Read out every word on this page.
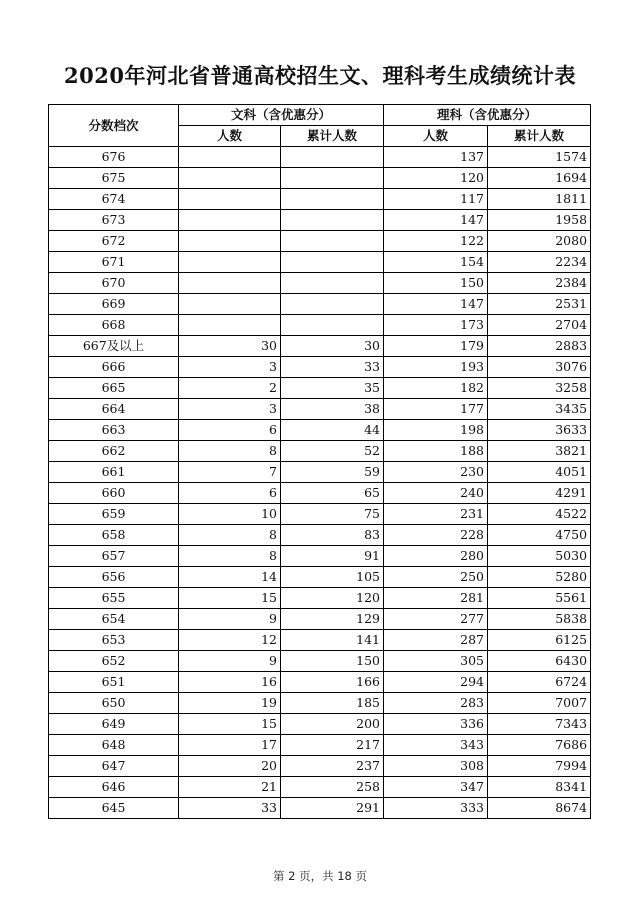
2020年河北省普通高校招生文、理科考生成绩统计表
分数档次	文科（含优惠分）		理科（含优惠分）	
	人数	累计人数	人数	累计人数
676			137	1574
675			120	1694
674			117	1811
673			147	1958
672			122	2080
671			154	2234
670			150	2384
669			147	2531
668			173	2704
667及以上	30	30	179	2883
666	3	33	193	3076
665	2	35	182	3258
664	3	38	177	3435
663	6	44	198	3633
662	8	52	188	3821
661	7	59	230	4051
660	6	65	240	4291
659	10	75	231	4522
658	8	83	228	4750
657	8	91	280	5030
656	14	105	250	5280
655	15	120	281	5561
654	9	129	277	5838
653	12	141	287	6125
652	9	150	305	6430
651	16	166	294	6724
650	19	185	283	7007
649	15	200	336	7343
648	17	217	343	7686
647	20	237	308	7994
646	21	258	347	8341
645	33	291	333	8674
第 2 页，共 18 页
